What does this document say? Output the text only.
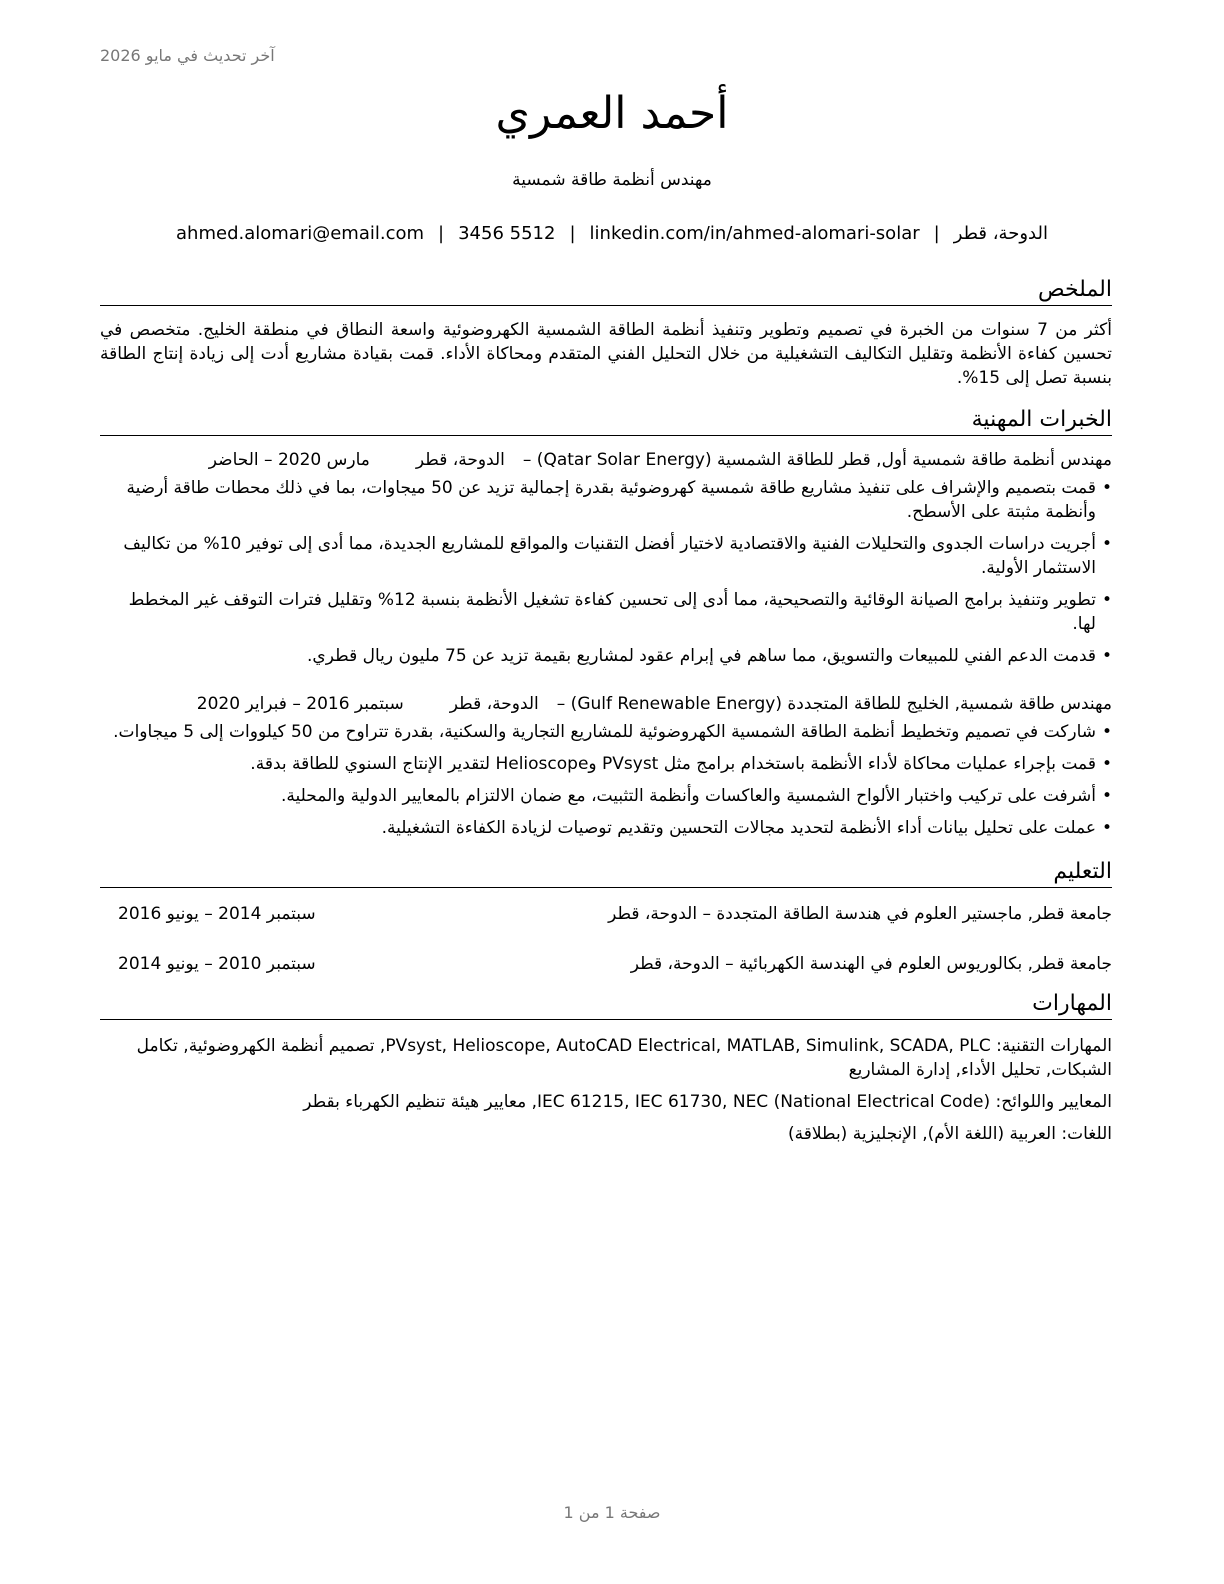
آخر تحديث في مايو 2026
أحمد العمري
مهندس أنظمة طاقة شمسية
الدوحة، قطر|ahmed.alomari@email.com | 3456 5512 | linkedin.com/in/ahmed-alomari-solar
الملخص

أكثر من 7 سنوات من الخبرة في تصميم وتطوير وتنفيذ أنظمة الطاقة الشمسية الكهروضوئية واسعة النطاق في منطقة الخليج. متخصص في تحسين كفاءة الأنظمة وتقليل التكاليف التشغيلية من خلال التحليل الفني المتقدم ومحاكاة الأداء. قمت بقيادة مشاريع أدت إلى زيادة إنتاج الطاقة بنسبة تصل إلى 15%.

الخبرات المهنية
مهندس أنظمة طاقة شمسية أول, قطر للطاقة الشمسية (Qatar Solar Energy) –
الدوحة، قطر
مارس 2020 – الحاضر
• قمت بتصميم والإشراف على تنفيذ مشاريع طاقة شمسية كهروضوئية بقدرة إجمالية تزيد عن 50 ميجاوات، بما في ذلك محطات طاقة أرضية وأنظمة مثبتة على الأسطح.
• أجريت دراسات الجدوى والتحليلات الفنية والاقتصادية لاختيار أفضل التقنيات والمواقع للمشاريع الجديدة، مما أدى إلى توفير 10% من تكاليف الاستثمار الأولية.
• تطوير وتنفيذ برامج الصيانة الوقائية والتصحيحية، مما أدى إلى تحسين كفاءة تشغيل الأنظمة بنسبة 12% وتقليل فترات التوقف غير المخطط لها.
• قدمت الدعم الفني للمبيعات والتسويق، مما ساهم في إبرام عقود لمشاريع بقيمة تزيد عن 75 مليون ريال قطري.
مهندس طاقة شمسية, الخليج للطاقة المتجددة (Gulf Renewable Energy) –
الدوحة، قطر
سبتمبر 2016 – فبراير 2020
• شاركت في تصميم وتخطيط أنظمة الطاقة الشمسية الكهروضوئية للمشاريع التجارية والسكنية، بقدرة تتراوح من 50 كيلووات إلى 5 ميجاوات.
• قمت بإجراء عمليات محاكاة لأداء الأنظمة باستخدام برامج مثل PVsyst وHelioscope لتقدير الإنتاج السنوي للطاقة بدقة.
• أشرفت على تركيب واختبار الألواح الشمسية والعاكسات وأنظمة التثبيت، مع ضمان الالتزام بالمعايير الدولية والمحلية.
• عملت على تحليل بيانات أداء الأنظمة لتحديد مجالات التحسين وتقديم توصيات لزيادة الكفاءة التشغيلية.
التعليم
جامعة قطر, ماجستير العلوم في هندسة الطاقة المتجددة – الدوحة، قطر
سبتمبر 2014 – يونيو 2016
جامعة قطر, بكالوريوس العلوم في الهندسة الكهربائية – الدوحة، قطر
سبتمبر 2010 – يونيو 2014
المهارات
المهارات التقنية: PVsyst, Helioscope, AutoCAD Electrical, MATLAB, Simulink, SCADA, PLC, تصميم أنظمة الكهروضوئية, تكامل الشبكات, تحليل الأداء, إدارة المشاريع
المعايير واللوائح: IEC 61215, IEC 61730, NEC (National Electrical Code), معايير هيئة تنظيم الكهرباء بقطر
اللغات: العربية (اللغة الأم), الإنجليزية (بطلاقة)
صفحة 1 من 1
